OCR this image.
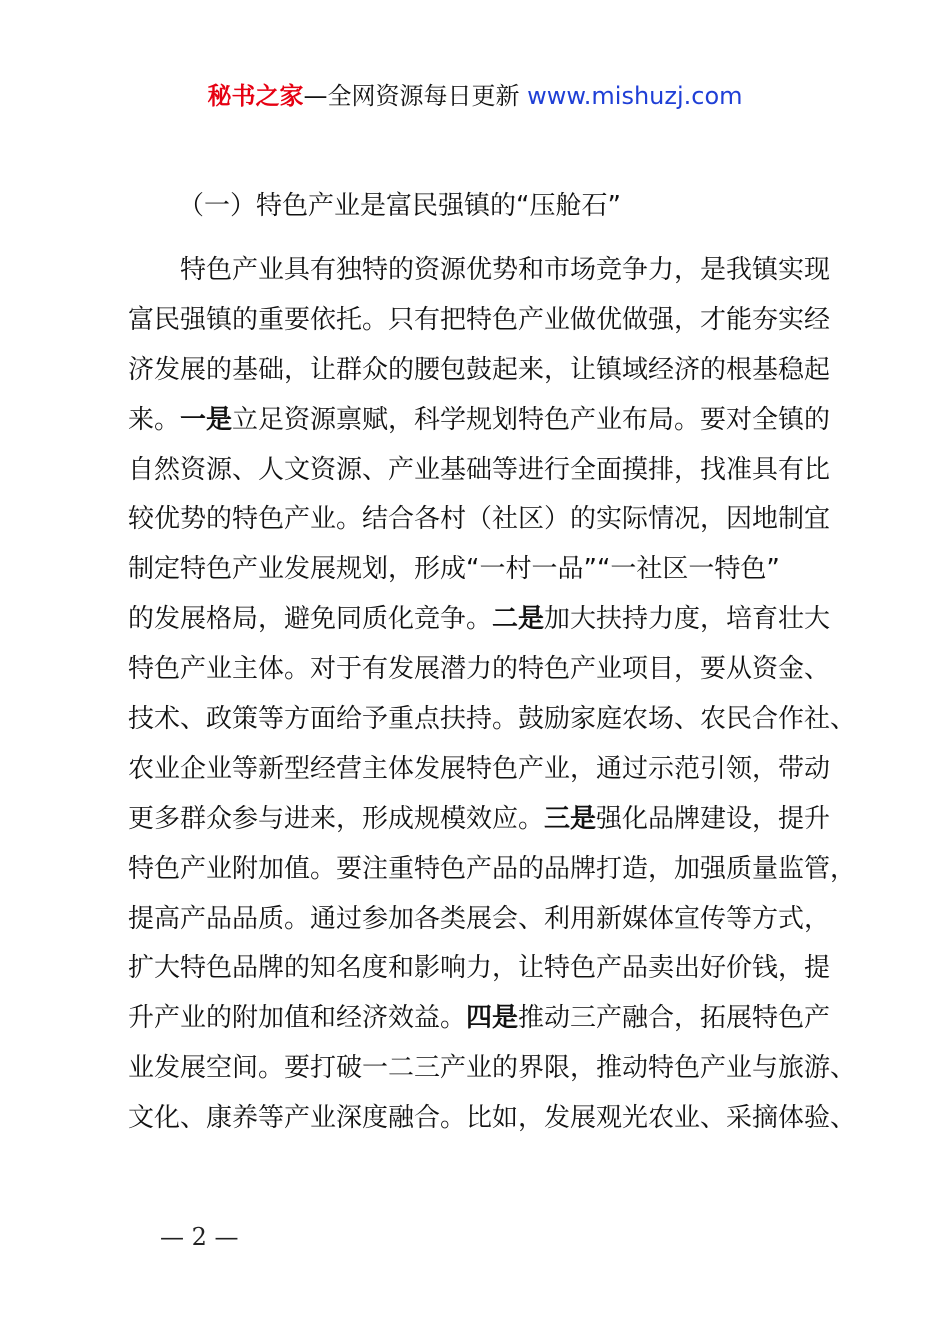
秘书之家—全网资源每日更新 www.mishuzj.com
（一）特色产业是富民强镇的“压舱石”
特色产业具有独特的资源优势和市场竞争力，是我镇实现
富民强镇的重要依托。只有把特色产业做优做强，才能夯实经
济发展的基础，让群众的腰包鼓起来，让镇域经济的根基稳起
来。一是立足资源禀赋，科学规划特色产业布局。要对全镇的
自然资源、人文资源、产业基础等进行全面摸排，找准具有比
较优势的特色产业。结合各村（社区）的实际情况，因地制宜
制定特色产业发展规划，形成“一村一品”“一社区一特色”
的发展格局，避免同质化竞争。二是加大扶持力度，培育壮大
特色产业主体。对于有发展潜力的特色产业项目，要从资金、
技术、政策等方面给予重点扶持。鼓励家庭农场、农民合作社、
农业企业等新型经营主体发展特色产业，通过示范引领，带动
更多群众参与进来，形成规模效应。三是强化品牌建设，提升
特色产业附加值。要注重特色产品的品牌打造，加强质量监管，
提高产品品质。通过参加各类展会、利用新媒体宣传等方式，
扩大特色品牌的知名度和影响力，让特色产品卖出好价钱，提
升产业的附加值和经济效益。四是推动三产融合，拓展特色产
业发展空间。要打破一二三产业的界限，推动特色产业与旅游、
文化、康养等产业深度融合。比如，发展观光农业、采摘体验、
— 2 —
